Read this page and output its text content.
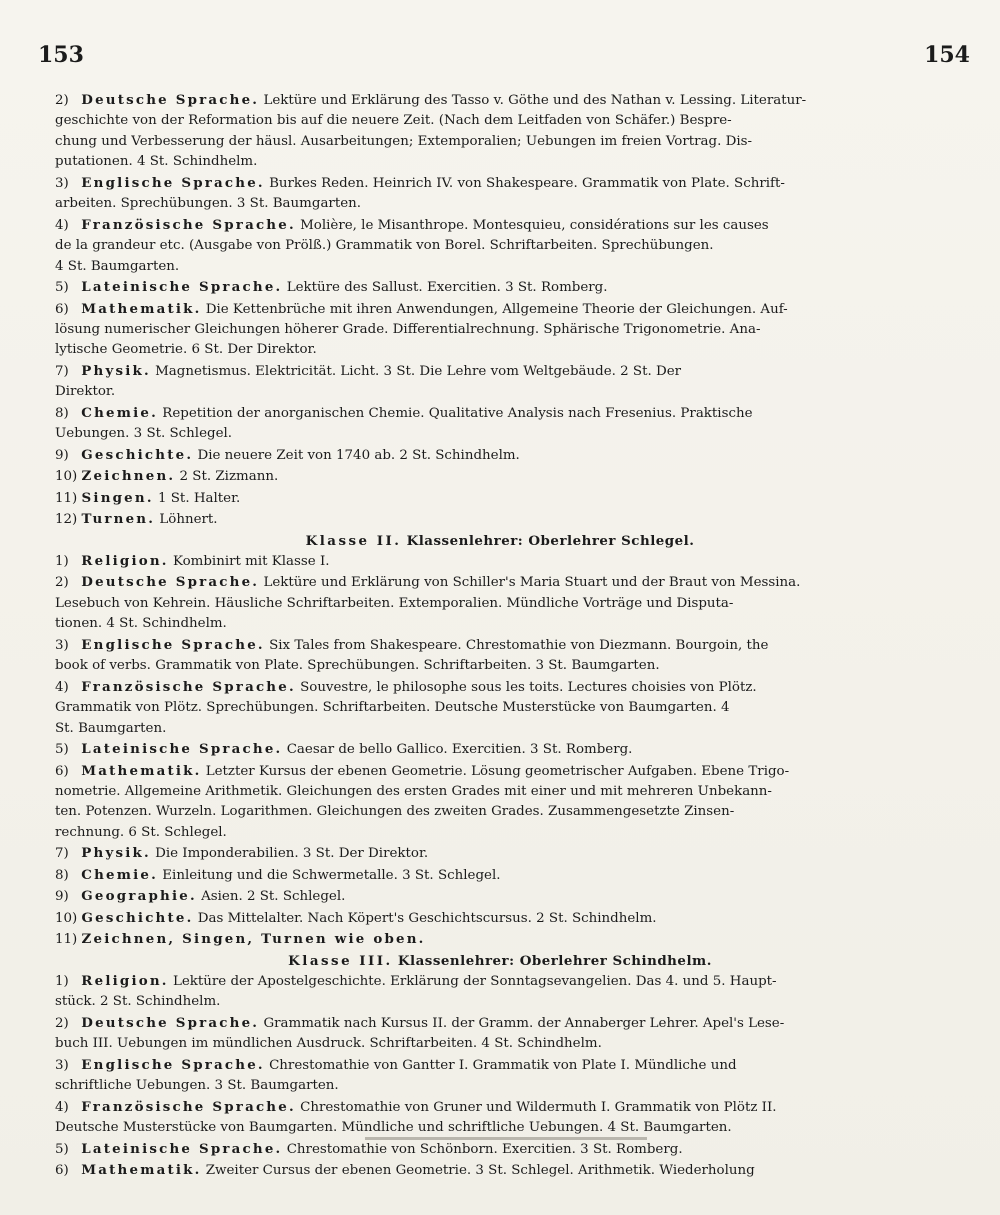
153	154
2) Deutsche Sprache. Lektüre und Erklärung des Tasso v. Göthe und des Nathan v. Lessing. Literatur-
geschichte von der Reformation bis auf die neuere Zeit. (Nach dem Leitfaden von Schäfer.) Bespre-
chung und Verbesserung der häusl. Ausarbeitungen; Extemporalien; Uebungen im freien Vortrag. Dis-
putationen. 4 St. Schindhelm.
3) Englische Sprache. Burkes Reden. Heinrich IV. von Shakespeare. Grammatik von Plate. Schrift-
arbeiten. Sprechübungen. 3 St. Baumgarten.
4) Französische Sprache. Molière, le Misanthrope. Montesquieu, considérations sur les causes
de la grandeur etc. (Ausgabe von Prölß.) Grammatik von Borel. Schriftarbeiten. Sprechübungen.
4 St. Baumgarten.
5) Lateinische Sprache. Lektüre des Sallust. Exercitien. 3 St. Romberg.
6) Mathematik. Die Kettenbrüche mit ihren Anwendungen, Allgemeine Theorie der Gleichungen. Auf-
lösung numerischer Gleichungen höherer Grade. Differentialrechnung. Sphärische Trigonometrie. Ana-
lytische Geometrie. 6 St. Der Direktor.
7) Physik. Magnetismus. Elektricität. Licht. 3 St. Die Lehre vom Weltgebäude. 2 St. Der
Direktor.
8) Chemie. Repetition der anorganischen Chemie. Qualitative Analysis nach Fresenius. Praktische
Uebungen. 3 St. Schlegel.
9) Geschichte. Die neuere Zeit von 1740 ab. 2 St. Schindhelm.
10) Zeichnen. 2 St. Zizmann.
11) Singen. 1 St. Halter.
12) Turnen. Löhnert.
Klasse II. Klassenlehrer: Oberlehrer Schlegel.
1) Religion. Kombinirt mit Klasse I.
2) Deutsche Sprache. Lektüre und Erklärung von Schiller's Maria Stuart und der Braut von Messina.
Lesebuch von Kehrein. Häusliche Schriftarbeiten. Extemporalien. Mündliche Vorträge und Disputa-
tionen. 4 St. Schindhelm.
3) Englische Sprache. Six Tales from Shakespeare. Chrestomathie von Diezmann. Bourgoin, the
book of verbs. Grammatik von Plate. Sprechübungen. Schriftarbeiten. 3 St. Baumgarten.
4) Französische Sprache. Souvestre, le philosophe sous les toits. Lectures choisies von Plötz.
Grammatik von Plötz. Sprechübungen. Schriftarbeiten. Deutsche Musterstücke von Baumgarten. 4
St. Baumgarten.
5) Lateinische Sprache. Caesar de bello Gallico. Exercitien. 3 St. Romberg.
6) Mathematik. Letzter Kursus der ebenen Geometrie. Lösung geometrischer Aufgaben. Ebene Trigo-
nometrie. Allgemeine Arithmetik. Gleichungen des ersten Grades mit einer und mit mehreren Unbekann-
ten. Potenzen. Wurzeln. Logarithmen. Gleichungen des zweiten Grades. Zusammengesetzte Zinsen-
rechnung. 6 St. Schlegel.
7) Physik. Die Imponderabilien. 3 St. Der Direktor.
8) Chemie. Einleitung und die Schwermetalle. 3 St. Schlegel.
9) Geographie. Asien. 2 St. Schlegel.
10) Geschichte. Das Mittelalter. Nach Köpert's Geschichtscursus. 2 St. Schindhelm.
11) Zeichnen, Singen, Turnen wie oben.
Klasse III. Klassenlehrer: Oberlehrer Schindhelm.
1) Religion. Lektüre der Apostelgeschichte. Erklärung der Sonntagsevangelien. Das 4. und 5. Haupt-
stück. 2 St. Schindhelm.
2) Deutsche Sprache. Grammatik nach Kursus II. der Gramm. der Annaberger Lehrer. Apel's Lese-
buch III. Uebungen im mündlichen Ausdruck. Schriftarbeiten. 4 St. Schindhelm.
3) Englische Sprache. Chrestomathie von Gantter I. Grammatik von Plate I. Mündliche und
schriftliche Uebungen. 3 St. Baumgarten.
4) Französische Sprache. Chrestomathie von Gruner und Wildermuth I. Grammatik von Plötz II.
Deutsche Musterstücke von Baumgarten. Mündliche und schriftliche Uebungen. 4 St. Baumgarten.
5) Lateinische Sprache. Chrestomathie von Schönborn. Exercitien. 3 St. Romberg.
6) Mathematik. Zweiter Cursus der ebenen Geometrie. 3 St. Schlegel. Arithmetik. Wiederholung
